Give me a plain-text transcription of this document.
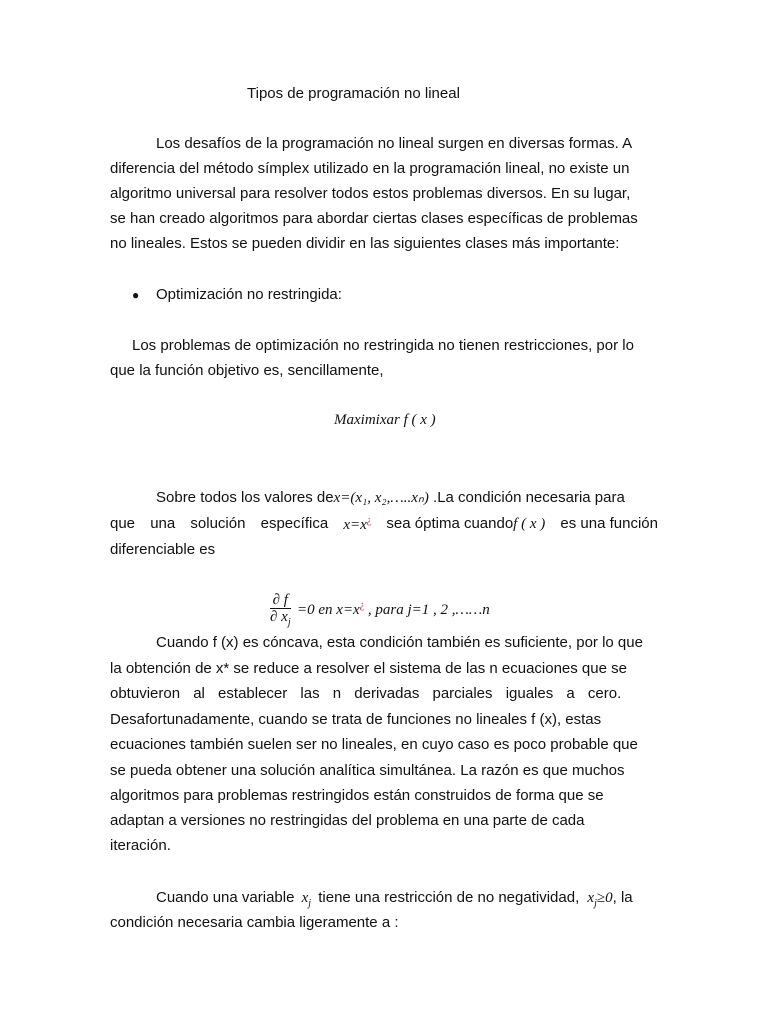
Tipos de programación no lineal
Los desafíos de la programación no lineal surgen en diversas formas. A
diferencia del método símplex utilizado en la programación lineal, no existe un
algoritmo universal para resolver todos estos problemas diversos. En su lugar,
se han creado algoritmos para abordar ciertas clases específicas de problemas
no lineales. Estos se pueden dividir en las siguientes clases más importante:
● Optimización no restringida:
Los problemas de optimización no restringida no tienen restricciones, por lo
que la función objetivo es, sencillamente,
Maximixar f ( x )
Sobre todos los valores dex=(x₁, x₂,…..xₙ) .La condición necesaria para
que una solución específica x=x¿ sea óptima cuandof ( x ) es una función
diferenciable es
$\frac{\partial f}{\partial x_j} =0$ en x=x¿ , para j=1 , 2 ,……n
Cuando f (x) es cóncava, esta condición también es suficiente, por lo que
la obtención de x* se reduce a resolver el sistema de las n ecuaciones que se
obtuvieron al establecer las n derivadas parciales iguales a cero.
Desafortunadamente, cuando se trata de funciones no lineales f (x), estas
ecuaciones también suelen ser no lineales, en cuyo caso es poco probable que
se pueda obtener una solución analítica simultánea. La razón es que muchos
algoritmos para problemas restringidos están construidos de forma que se
adaptan a versiones no restringidas del problema en una parte de cada
iteración.
Cuando una variable $x_j$ tiene una restricción de no negatividad, $x_j\ge 0$, la
condición necesaria cambia ligeramente a :
